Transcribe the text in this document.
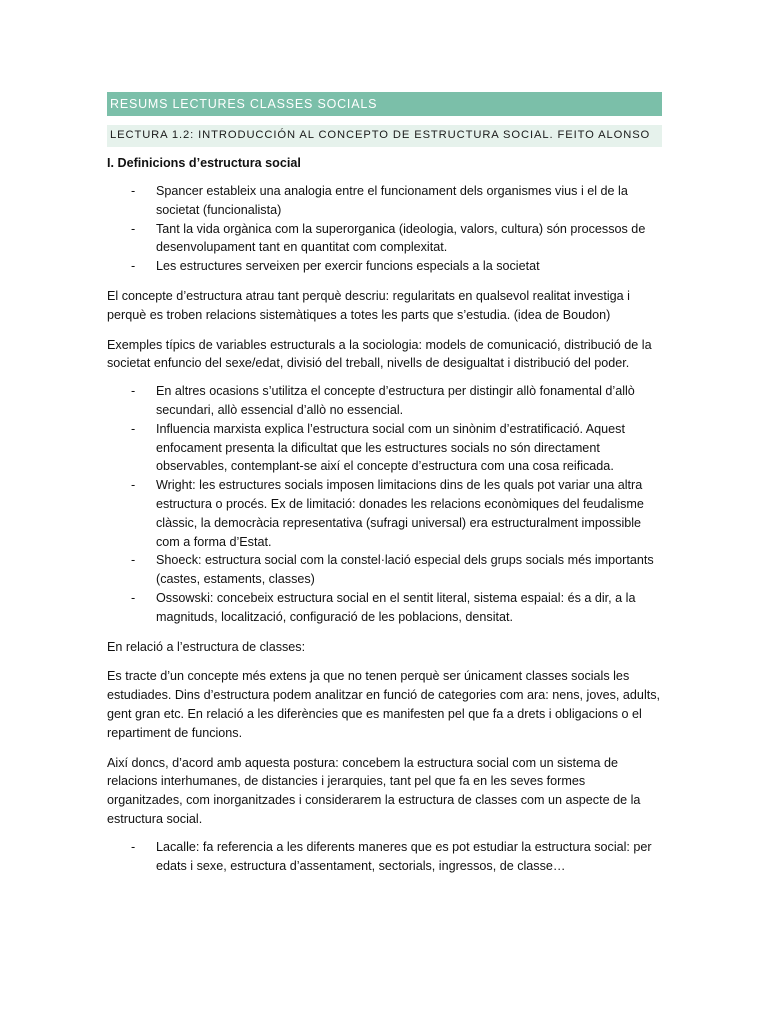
RESUMS LECTURES CLASSES SOCIALS
LECTURA 1.2: INTRODUCCIÓN AL CONCEPTO DE ESTRUCTURA SOCIAL. FEITO ALONSO
I. Definicions d’estructura social
- Spancer estableix una analogia entre el funcionament dels organismes vius i el de la societat (funcionalista)
- Tant la vida orgànica com la superorganica (ideologia, valors, cultura) són processos de desenvolupament tant en quantitat com complexitat.
- Les estructures serveixen per exercir funcions especials a la societat

El concepte d’estructura atrau tant perquè descriu: regularitats en qualsevol realitat investiga i perquè es troben relacions sistemàtiques a totes les parts que s’estudia. (idea de Boudon)

Exemples típics de variables estructurals a la sociologia: models de comunicació, distribució de la societat enfuncio del sexe/edat, divisió del treball, nivells de desigualtat i distribució del poder.

- En altres ocasions s’utilitza el concepte d’estructura per distingir allò fonamental d’allò secundari, allò essencial d’allò no essencial.
- Influencia marxista explica l’estructura social com un sinònim d’estratificació. Aquest enfocament presenta la dificultat que les estructures socials no són directament observables, contemplant-se així el concepte d’estructura com una cosa reificada.
- Wright: les estructures socials imposen limitacions dins de les quals pot variar una altra estructura o procés. Ex de limitació: donades les relacions econòmiques del feudalisme clàssic, la democràcia representativa (sufragi universal) era estructuralment impossible com a forma d’Estat.
- Shoeck: estructura social com la constel·lació especial dels grups socials més importants (castes, estaments, classes)
- Ossowski: concebeix estructura social en el sentit literal, sistema espaial: és a dir, a la magnituds, localització, configuració de les poblacions, densitat.

En relació a l’estructura de classes:

Es tracte d’un concepte més extens ja que no tenen perquè ser únicament classes socials les estudiades. Dins d’estructura podem analitzar en funció de categories com ara: nens, joves, adults, gent gran etc. En relació a les diferències que es manifesten pel que fa a drets i obligacions o el repartiment de funcions.

Així doncs, d’acord amb aquesta postura: concebem la estructura social com un sistema de relacions interhumanes, de distancies i jerarquies, tant pel que fa en les seves formes organitzades, com inorganitzades i considerarem la estructura de classes com un aspecte de la estructura social.

- Lacalle: fa referencia a les diferents maneres que es pot estudiar la estructura social: per edats i sexe, estructura d’assentament, sectorials, ingressos, de classe…
